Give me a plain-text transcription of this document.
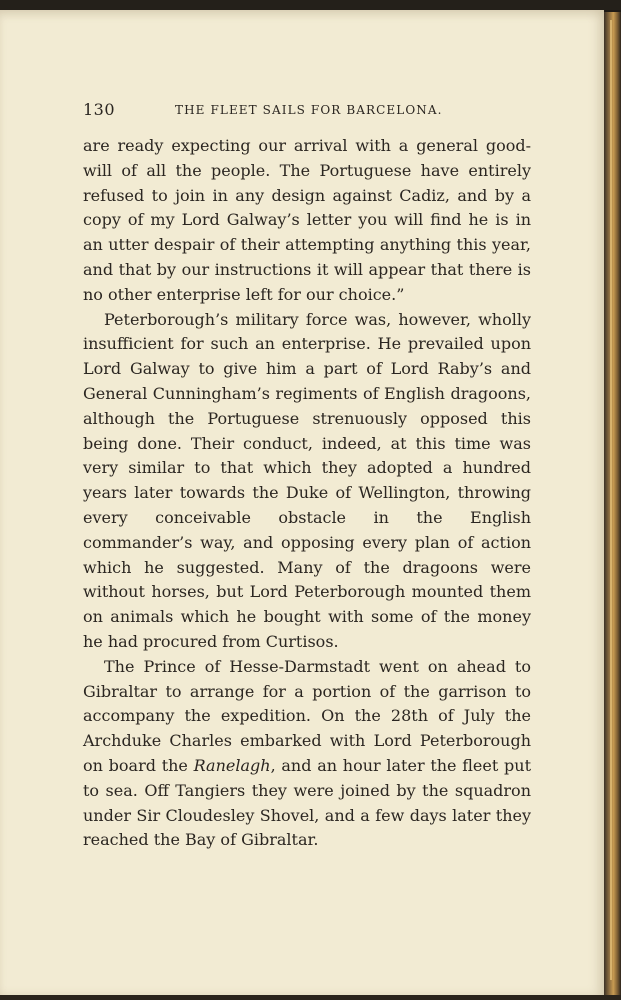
130	THE FLEET SAILS FOR BARCELONA.

are ready expecting our arrival with a general good-will of all the people. The Portuguese have entirely refused to join in any design against Cadiz, and by a copy of my Lord Galway’s letter you will find he is in an utter despair of their attempting anything this year, and that by our instructions it will appear that there is no other enterprise left for our choice.”

Peterborough’s military force was, however, wholly insufficient for such an enterprise. He prevailed upon Lord Galway to give him a part of Lord Raby’s and General Cunningham’s regiments of English dragoons, although the Portuguese strenuously opposed this being done. Their conduct, indeed, at this time was very similar to that which they adopted a hundred years later towards the Duke of Wellington, throwing every conceivable obstacle in the English commander’s way, and opposing every plan of action which he suggested. Many of the dragoons were without horses, but Lord Peterborough mounted them on animals which he bought with some of the money he had procured from Curtisos.

The Prince of Hesse-Darmstadt went on ahead to Gibraltar to arrange for a portion of the garrison to accompany the expedition. On the 28th of July the Archduke Charles embarked with Lord Peterborough on board the Ranelagh, and an hour later the fleet put to sea. Off Tangiers they were joined by the squadron under Sir Cloudesley Shovel, and a few days later they reached the Bay of Gibraltar.
